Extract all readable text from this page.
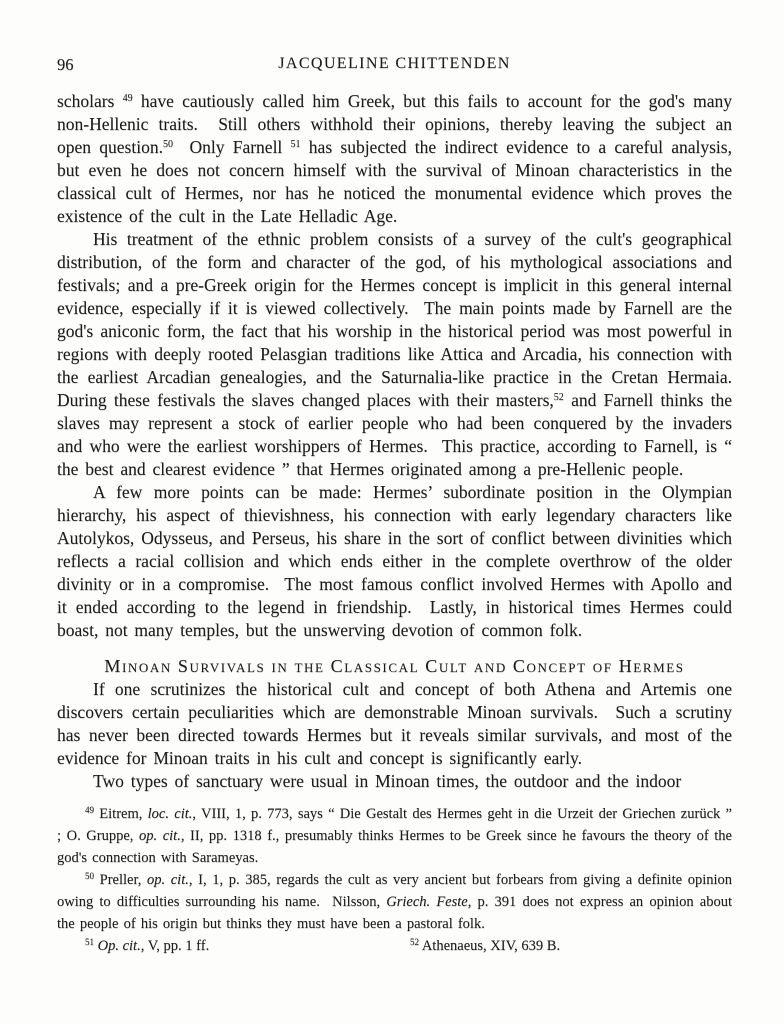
96	JACQUELINE CHITTENDEN

scholars $^{49}$ have cautiously called him Greek, but this fails to account for the god's many non-Hellenic traits.  Still others withhold their opinions, thereby leaving the subject an open question.$^{50}$  Only Farnell $^{51}$ has subjected the indirect evidence to a careful analysis, but even he does not concern himself with the survival of Minoan characteristics in the classical cult of Hermes, nor has he noticed the monumental evidence which proves the existence of the cult in the Late Helladic Age.

His treatment of the ethnic problem consists of a survey of the cult's geographical distribution, of the form and character of the god, of his mythological associations and festivals; and a pre-Greek origin for the Hermes concept is implicit in this general internal evidence, especially if it is viewed collectively.  The main points made by Farnell are the god's aniconic form, the fact that his worship in the historical period was most powerful in regions with deeply rooted Pelasgian traditions like Attica and Arcadia, his connection with the earliest Arcadian genealogies, and the Saturnalia-like practice in the Cretan Hermaia.  During these festivals the slaves changed places with their masters,$^{52}$ and Farnell thinks the slaves may represent a stock of earlier people who had been conquered by the invaders and who were the earliest worshippers of Hermes.  This practice, according to Farnell, is “ the best and clearest evidence ” that Hermes originated among a pre-Hellenic people.

A few more points can be made: Hermes’ subordinate position in the Olympian hierarchy, his aspect of thievishness, his connection with early legendary characters like Autolykos, Odysseus, and Perseus, his share in the sort of conflict between divinities which reflects a racial collision and which ends either in the complete overthrow of the older divinity or in a compromise.  The most famous conflict involved Hermes with Apollo and it ended according to the legend in friendship.  Lastly, in historical times Hermes could boast, not many temples, but the unswerving devotion of common folk.

Minoan Survivals in the Classical Cult and Concept of Hermes

If one scrutinizes the historical cult and concept of both Athena and Artemis one discovers certain peculiarities which are demonstrable Minoan survivals.  Such a scrutiny has never been directed towards Hermes but it reveals similar survivals, and most of the evidence for Minoan traits in his cult and concept is significantly early.

Two types of sanctuary were usual in Minoan times, the outdoor and the indoor

$^{49}$ Eitrem, loc. cit., VIII, 1, p. 773, says “ Die Gestalt des Hermes geht in die Urzeit der Griechen zurück ” ; O. Gruppe, op. cit., II, pp. 1318 f., presumably thinks Hermes to be Greek since he favours the theory of the god's connection with Sarameyas.

$^{50}$ Preller, op. cit., I, 1, p. 385, regards the cult as very ancient but forbears from giving a definite opinion owing to difficulties surrounding his name.  Nilsson, Griech. Feste, p. 391 does not express an opinion about the people of his origin but thinks they must have been a pastoral folk.

$^{51}$ Op. cit., V, pp. 1 ff.

	$^{52}$ Athenaeus, XIV, 639 B.
